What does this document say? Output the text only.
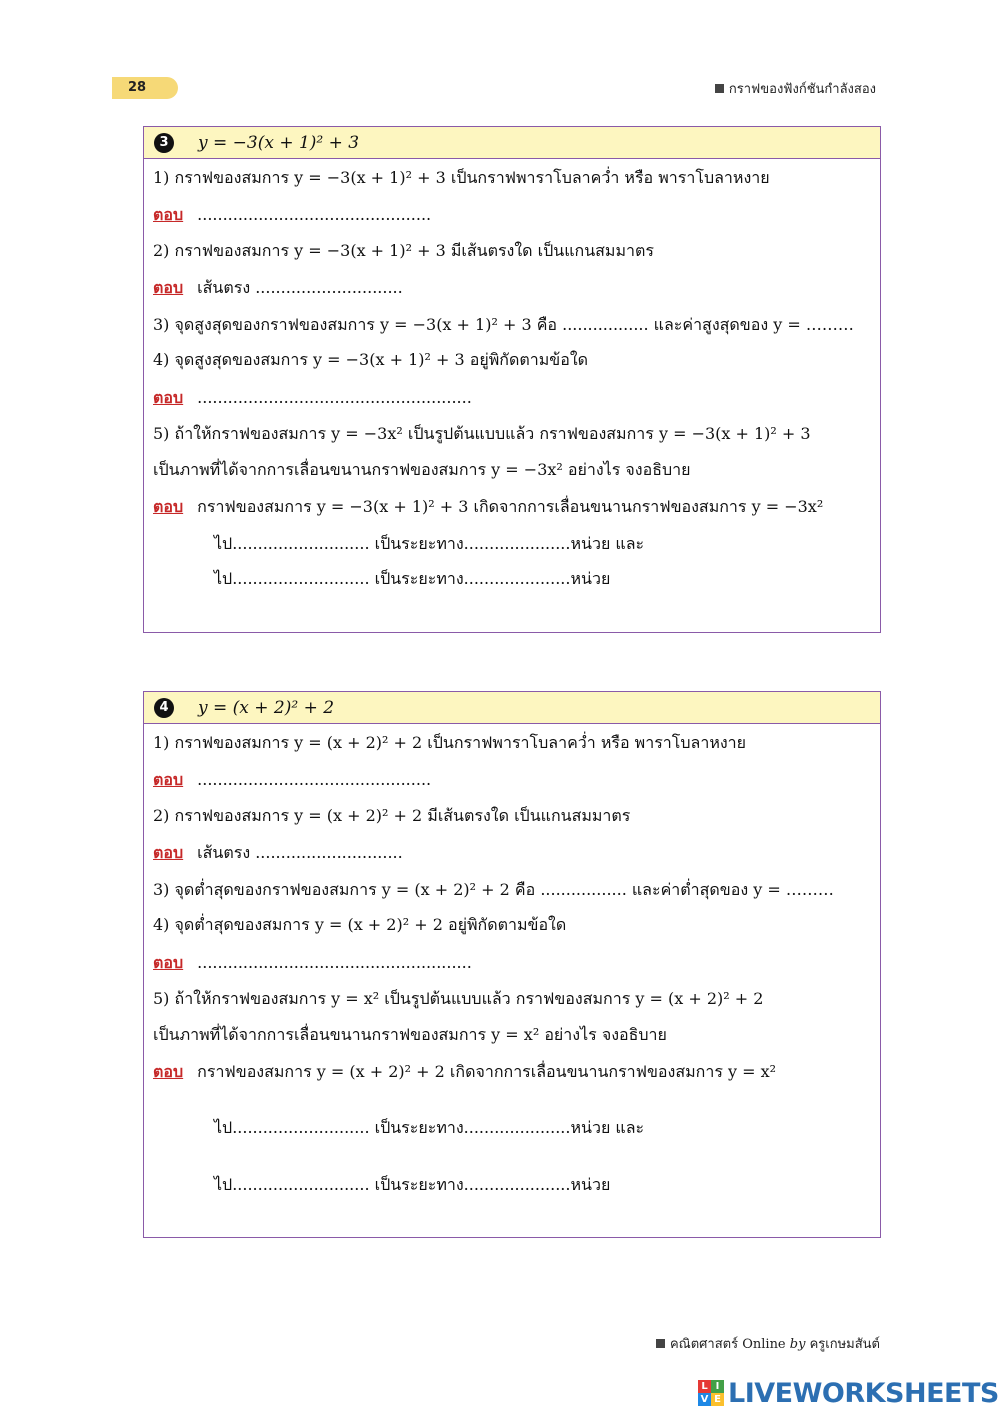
28	กราฟของฟังก์ชันกำลังสอง
3	y = −3(x + 1)² + 3
1) กราฟของสมการ y = −3(x + 1)² + 3 เป็นกราฟพาราโบลาคว่ำ หรือ พาราโบลาหงาย
ตอบ ..............................................
2) กราฟของสมการ y = −3(x + 1)² + 3 มีเส้นตรงใด เป็นแกนสมมาตร
ตอบ เส้นตรง .............................
3) จุดสูงสุดของกราฟของสมการ y = −3(x + 1)² + 3 คือ ................. และค่าสูงสุดของ y = ………
4) จุดสูงสุดของสมการ y = −3(x + 1)² + 3 อยู่พิกัดตามข้อใด
ตอบ ......................................................
5) ถ้าให้กราฟของสมการ y = −3x² เป็นรูปต้นแบบแล้ว กราฟของสมการ y = −3(x + 1)² + 3
เป็นภาพที่ได้จากการเลื่อนขนานกราฟของสมการ y = −3x² อย่างไร จงอธิบาย
ตอบ กราฟของสมการ y = −3(x + 1)² + 3 เกิดจากการเลื่อนขนานกราฟของสมการ y = −3x²
ไป........................... เป็นระยะทาง.....................หน่วย และ
ไป........................... เป็นระยะทาง.....................หน่วย
4	y = (x + 2)² + 2
1) กราฟของสมการ y = (x + 2)² + 2 เป็นกราฟพาราโบลาคว่ำ หรือ พาราโบลาหงาย
ตอบ ..............................................
2) กราฟของสมการ y = (x + 2)² + 2 มีเส้นตรงใด เป็นแกนสมมาตร
ตอบ เส้นตรง .............................
3) จุดต่ำสุดของกราฟของสมการ y = (x + 2)² + 2 คือ ................. และค่าต่ำสุดของ y = ………
4) จุดต่ำสุดของสมการ y = (x + 2)² + 2 อยู่พิกัดตามข้อใด
ตอบ ......................................................
5) ถ้าให้กราฟของสมการ y = x² เป็นรูปต้นแบบแล้ว กราฟของสมการ y = (x + 2)² + 2
เป็นภาพที่ได้จากการเลื่อนขนานกราฟของสมการ y = x² อย่างไร จงอธิบาย
ตอบ กราฟของสมการ y = (x + 2)² + 2 เกิดจากการเลื่อนขนานกราฟของสมการ y = x²
ไป........................... เป็นระยะทาง.....................หน่วย และ
ไป........................... เป็นระยะทาง.....................หน่วย
คณิตศาสตร์ Online by ครูเกษมสันต์
L I
V E LIVEWORKSHEETS
